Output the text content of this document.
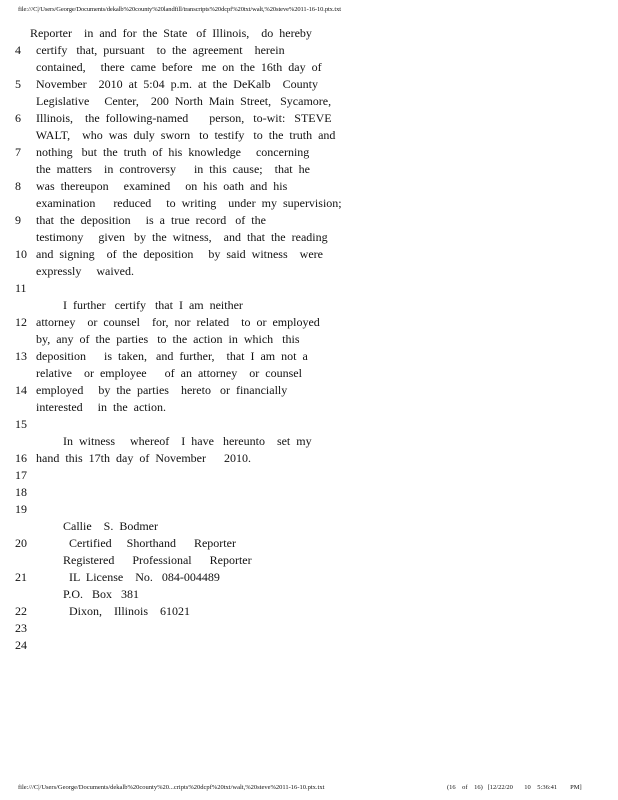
file:///C|/Users/George/Documents/dekalb%20county%20landfill/transcripts%20dcpf%20txt/walt,%20steve%2011-16-10.ptx.txt
Reporter    in  and  for  the  State   of  Illinois,    do  hereby
4 certify   that,  pursuant    to  the  agreement    herein
contained,     there  came  before   me  on  the  16th  day  of
5 November    2010  at  5:04  p.m.  at  the  DeKalb    County
Legislative     Center,    200  North  Main  Street,   Sycamore,
6 Illinois,    the  following-named       person,   to-wit:   STEVE
WALT,    who  was  duly  sworn   to  testify   to  the  truth  and
7 nothing   but  the  truth  of  his  knowledge     concerning
the  matters    in  controversy      in  this  cause;    that  he
8 was  thereupon     examined     on  his  oath  and  his
examination      reduced     to  writing    under  my  supervision;
9 that  the  deposition     is  a  true  record   of  the
testimony     given   by  the  witness,    and  that  the  reading
10 and  signing    of  the  deposition     by  said  witness    were
expressly     waived.
11
I  further   certify   that  I  am  neither
12 attorney    or  counsel    for,  nor  related    to  or  employed
by,  any  of  the  parties   to  the  action  in  which   this
13 deposition      is  taken,   and  further,    that  I  am  not  a
relative    or  employee      of  an  attorney    or  counsel
14 employed     by  the  parties    hereto   or  financially
interested     in  the  action.
15
In  witness     whereof    I  have   hereunto    set  my
16 hand  this  17th  day  of  November      2010.
17
18
19
Callie    S.  Bodmer
20 Certified     Shorthand      Reporter
Registered      Professional      Reporter
21 IL  License    No.   084-004489
P.O.   Box   381
22 Dixon,    Illinois    61021
23
24
file:///C|/Users/George/Documents/dekalb%20county%20...cripts%20dcpf%20txt/walt,%20steve%2011-16-10.ptx.txt	(16    of    16)   [12/22/20       10    5:36:41        PM]
